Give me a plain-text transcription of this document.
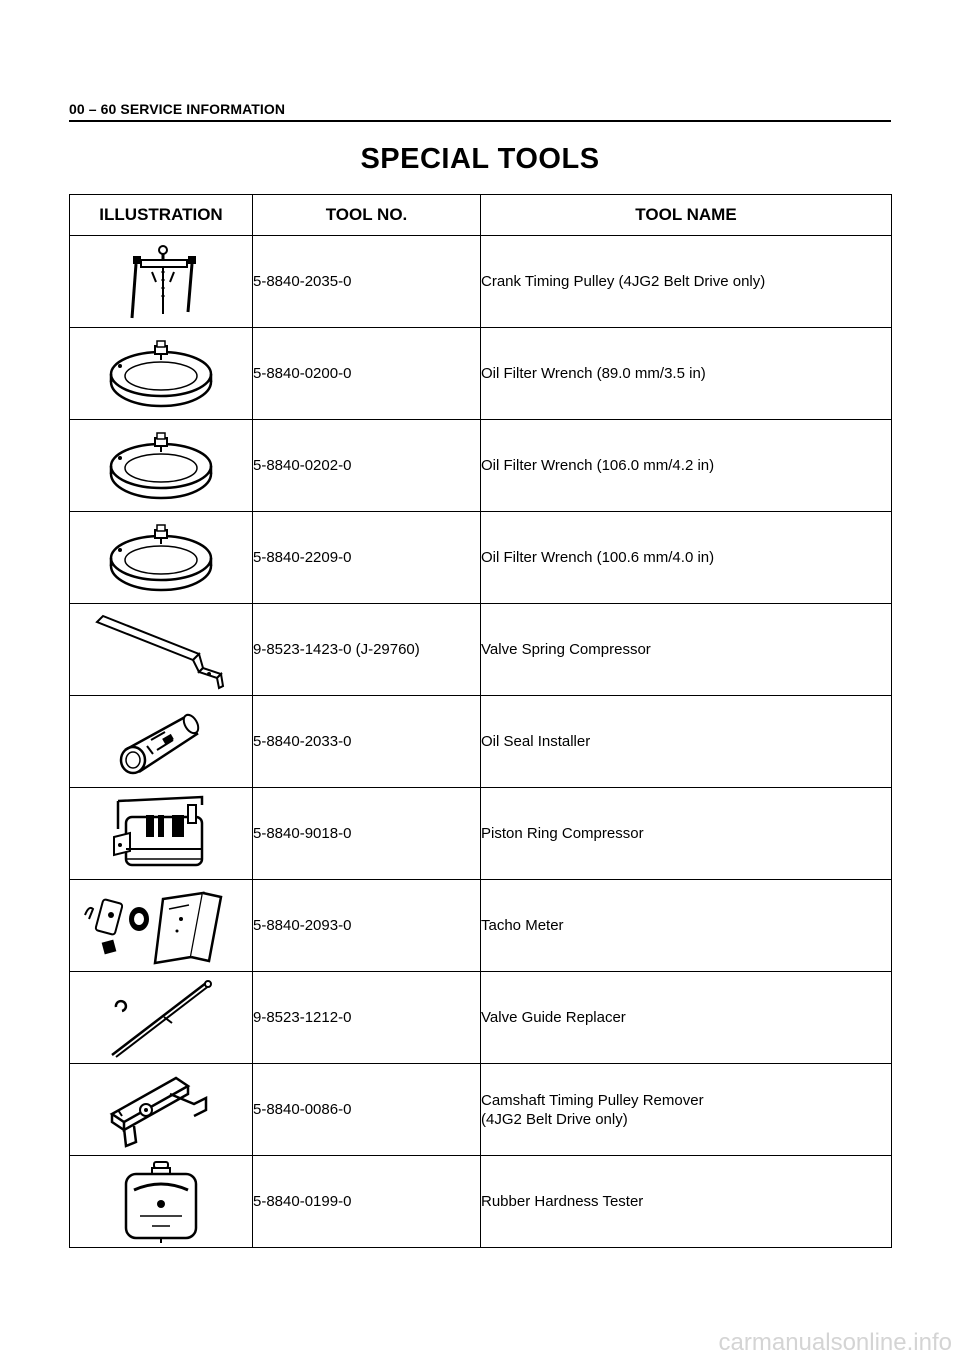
00 – 60 SERVICE INFORMATION
SPECIAL TOOLS
ILLUSTRATION	TOOL NO.	TOOL NAME

	5-8840-2035-0	Crank Timing Pulley (4JG2 Belt Drive only)

	5-8840-0200-0	Oil Filter Wrench (89.0 mm/3.5 in)

	5-8840-0202-0	Oil Filter Wrench (106.0 mm/4.2 in)

	5-8840-2209-0	Oil Filter Wrench (100.6 mm/4.0 in)

	9-8523-1423-0 (J-29760)	Valve Spring Compressor

	5-8840-2033-0	Oil Seal Installer

	5-8840-9018-0	Piston Ring Compressor

	5-8840-2093-0	Tacho Meter

	9-8523-1212-0	Valve Guide Replacer

	5-8840-0086-0	Camshaft Timing Pulley Remover
(4JG2 Belt Drive only)

	5-8840-0199-0	Rubber Hardness Tester
carmanualsonline.info
